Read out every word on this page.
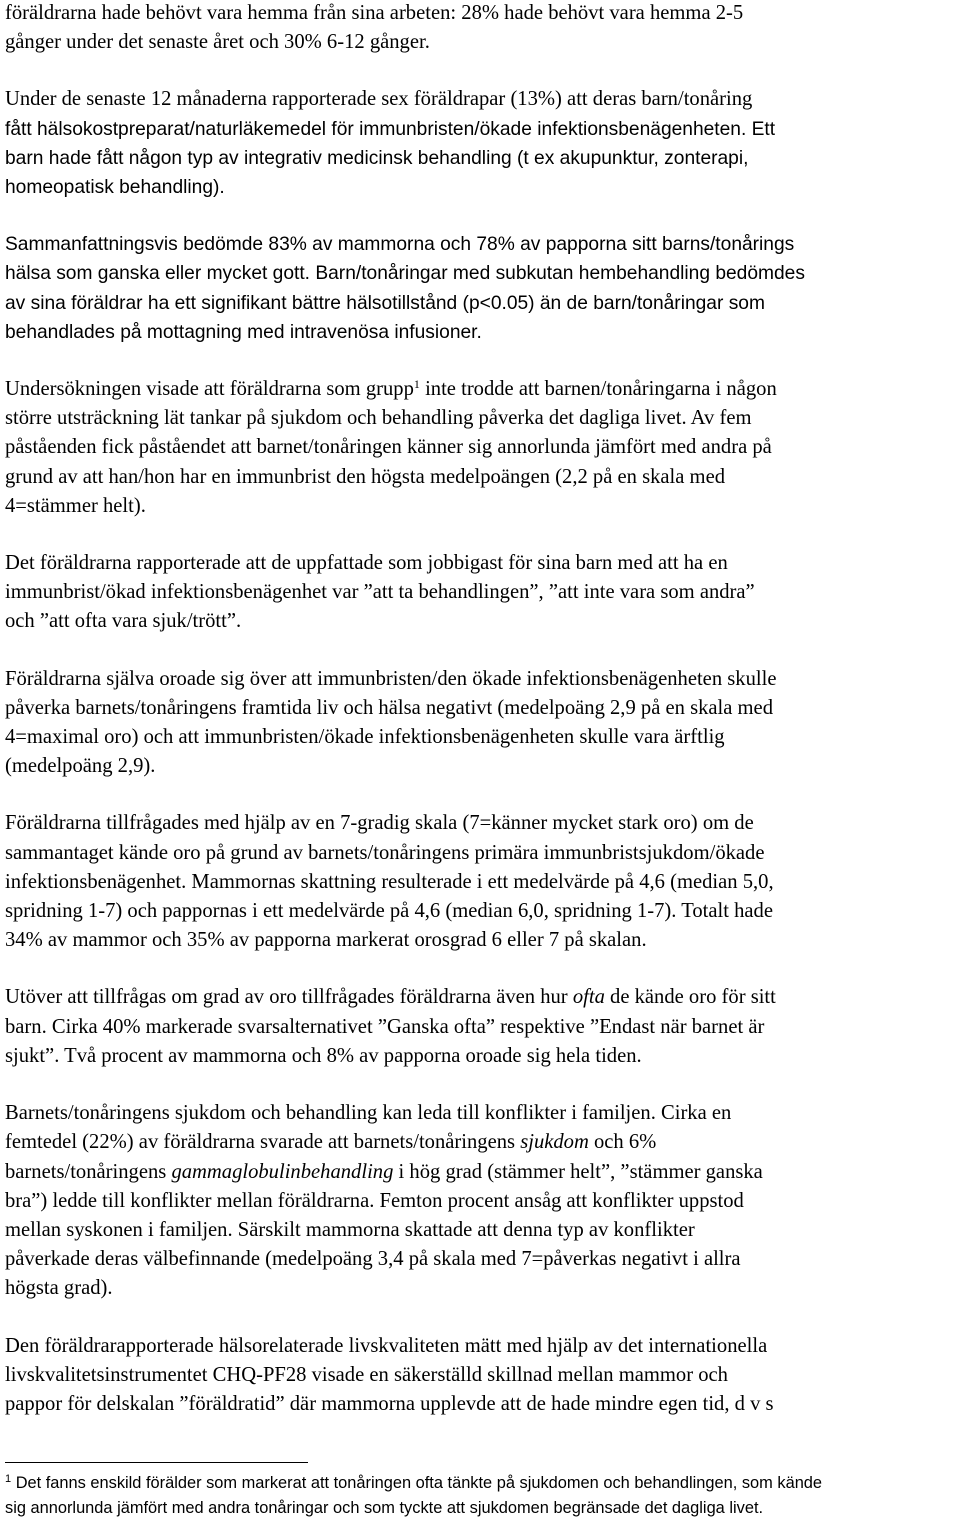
föräldrarna hade behövt vara hemma från sina arbeten: 28% hade behövt vara hemma 2-5
gånger under det senaste året och 30% 6-12 gånger.

Under de senaste 12 månaderna rapporterade sex föräldrapar (13%) att deras barn/tonåring
fått hälsokostpreparat/naturläkemedel för immunbristen/ökade infektionsbenägenheten. Ett
barn hade fått någon typ av integrativ medicinsk behandling (t ex akupunktur, zonterapi,
homeopatisk behandling).

Sammanfattningsvis bedömde 83% av mammorna och 78% av papporna sitt barns/tonårings
hälsa som ganska eller mycket gott. Barn/tonåringar med subkutan hembehandling bedömdes
av sina föräldrar ha ett signifikant bättre hälsotillstånd (p<0.05) än de barn/tonåringar som
behandlades på mottagning med intravenösa infusioner.

Undersökningen visade att föräldrarna som grupp$^1$ inte trodde att barnen/tonåringarna i någon
större utsträckning lät tankar på sjukdom och behandling påverka det dagliga livet. Av fem
påståenden fick påståendet att barnet/tonåringen känner sig annorlunda jämfört med andra på
grund av att han/hon har en immunbrist den högsta medelpoängen (2,2 på en skala med
4=stämmer helt).

Det föräldrarna rapporterade att de uppfattade som jobbigast för sina barn med att ha en
immunbrist/ökad infektionsbenägenhet var ”att ta behandlingen”, ”att inte vara som andra”
och ”att ofta vara sjuk/trött”.

Föräldrarna själva oroade sig över att immunbristen/den ökade infektionsbenägenheten skulle
påverka barnets/tonåringens framtida liv och hälsa negativt (medelpoäng 2,9 på en skala med
4=maximal oro) och att immunbristen/ökade infektionsbenägenheten skulle vara ärftlig
(medelpoäng 2,9).

Föräldrarna tillfrågades med hjälp av en 7-gradig skala (7=känner mycket stark oro) om de
sammantaget kände oro på grund av barnets/tonåringens primära immunbristsjukdom/ökade
infektionsbenägenhet. Mammornas skattning resulterade i ett medelvärde på 4,6 (median 5,0,
spridning 1-7) och pappornas i ett medelvärde på 4,6 (median 6,0, spridning 1-7). Totalt hade
34% av mammor och 35% av papporna markerat orosgrad 6 eller 7 på skalan.

Utöver att tillfrågas om grad av oro tillfrågades föräldrarna även hur ofta de kände oro för sitt
barn. Cirka 40% markerade svarsalternativet ”Ganska ofta” respektive ”Endast när barnet är
sjukt”. Två procent av mammorna och 8% av papporna oroade sig hela tiden.

Barnets/tonåringens sjukdom och behandling kan leda till konflikter i familjen. Cirka en
femtedel (22%) av föräldrarna svarade att barnets/tonåringens sjukdom och 6%
barnets/tonåringens gammaglobulinbehandling i hög grad (stämmer helt”, ”stämmer ganska
bra”) ledde till konflikter mellan föräldrarna. Femton procent ansåg att konflikter uppstod
mellan syskonen i familjen. Särskilt mammorna skattade att denna typ av konflikter
påverkade deras välbefinnande (medelpoäng 3,4 på skala med 7=påverkas negativt i allra
högsta grad).

Den föräldrarapporterade hälsorelaterade livskvaliteten mätt med hjälp av det internationella
livskvalitetsinstrumentet CHQ-PF28 visade en säkerställd skillnad mellan mammor och
pappor för delskalan ”föräldratid” där mammorna upplevde att de hade mindre egen tid, d v s

$^1$ Det fanns enskild förälder som markerat att tonåringen ofta tänkte på sjukdomen och behandlingen, som kände
sig annorlunda jämfört med andra tonåringar och som tyckte att sjukdomen begränsade det dagliga livet.
